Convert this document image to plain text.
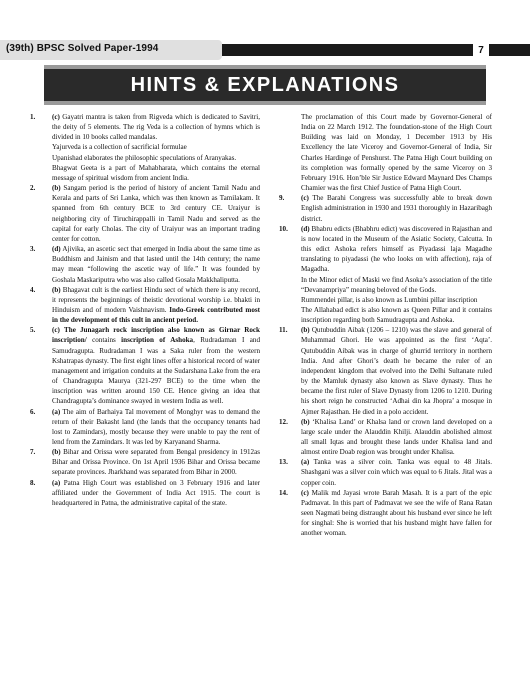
(39th) BPSC Solved Paper-1994	7
HINTS & EXPLANATIONS
1. (c) Gayatri mantra is taken from Rigveda which is dedicated to Savitri, the deity of 5 elements. The rig Veda is a collection of hymns which is divided in 10 books called mandalas.
Yajurveda is a collection of sacrificial formulae
Upanishad elaborates the philosophic speculations of Aranyakas.
Bhagwat Geeta is a part of Mahabharata, which contains the eternal message of spiritual wisdom from ancient India.
2. (b) Sangam period is the period of history of ancient Tamil Nadu and Kerala and parts of Sri Lanka, which was then known as Tamilakam. It spanned from 6th century BCE to 3rd century CE. Uraiyur is neighboring city of Tiruchirappalli in Tamil Nadu and served as the capital for early Cholas. The city of Uraiyur was an important trading center for cotton.
3. (d) Ajivika, an ascetic sect that emerged in India about the same time as Buddhism and Jainism and that lasted until the 14th century; the name may mean “following the ascetic way of life.” It was founded by Goshala Maskariputra who was also called Gosala Makkhaliputta.
4. (b) Bhagavat cult is the earliest Hindu sect of which there is any record, it represents the beginnings of theistic devotional worship i.e. bhakti in Hinduism and of modern Vaishnavism. Indo-Greek contributed most in the development of this cult in ancient period.
5. (c) The Junagarh rock inscription also known as Girnar Rock inscription/ contains inscription of Ashoka, Rudradaman I and Samudragupta. Rudradaman I was a Saka ruler from the western Kshatrapas dynasty. The first eight lines offer a historical record of water management and irrigation conduits at the Sudarshana Lake from the era of Chandragupta Maurya (321-297 BCE) to the time when the inscription was written around 150 CE. Hence giving an idea that Chandragupta’s dominance swayed in western India as well.
6. (a) The aim of Barhaiya Tal movement of Monghyr was to demand the return of their Bakasht land (the lands that the occupancy tenants had lost to Zamindars), mostly because they were unable to pay the rent of lend from the Zamindars. It was led by Karyanand Sharma.
7. (b) Bihar and Orissa were separated from Bengal presidency in 1912as Bihar and Orissa Province. On 1st April 1936 Bihar and Orissa became separate provinces. Jharkhand was separated from Bihar in 2000.
8. (a) Patna High Court was established on 3 February 1916 and later affiliated under the Government of India Act 1915. The court is headquartered in Patna, the administrative capital of the state.
The proclamation of this Court made by Governor-General of India on 22 March 1912. The foundation-stone of the High Court Building was laid on Monday, 1 December 1913 by His Excellency the late Viceroy and Governor-General of India, Sir Charles Hardinge of Penshurst. The Patna High Court building on its completion was formally opened by the same Viceroy on 3 February 1916. Hon’ble Sir Justice Edward Maynard Des Champs Chamier was the first Chief Justice of Patna High Court.
9. (c) The Barahi Congress was successfully able to break down English administration in 1930 and 1931 thoroughly in Hazaribagh district.
10. (d) Bhabru edicts (Bhabhru edict) was discovered in Rajasthan and is now located in the Museum of the Asiatic Society, Calcutta. In this edict Ashoka refers himself as Piyadassi laja Magadhe translating to piyadassi (he who looks on with affection), raja of Magadha.
In the Minor edict of Maski we find Asoka’s association of the title “Devanampriya” meaning beloved of the Gods.
Rummendei pillar, is also known as Lumbini pillar inscription
The Allahabad edict is also known as Queen Pillar and it contains inscription regarding both Samudragupta and Ashoka.
11. (b) Qutubuddin Aibak (1206 – 1210) was the slave and general of Muhammad Ghori. He was appointed as the first ‘Aqta’. Qutubuddin Aibak was in charge of ghurrid territory in northern India. And after Ghori’s death he became the ruler of an independent kingdom that evolved into the Delhi Sultanate ruled by the Mamluk dynasty also known as Slave dynasty. Thus he became the first ruler of Slave Dynasty from 1206 to 1210. During his short reign he constructed ‘Adhai din ka Jhopra’ a mosque in Ajmer Rajasthan. He died in a polo accident.
12. (b) ‘Khalisa Land’ or Khalsa land or crown land developed on a large scale under the Alauddin Khilji. Alauddin abolished almost all small Iqtas and brought these lands under Khalisa land and almost entire Doab region was brought under Khalisa.
13. (a) Tanka was a silver coin. Tanka was equal to 48 Jitals. Shashgani was a silver coin which was equal to 6 Jitals. Jital was a copper coin.
14. (c) Malik md Jayasi wrote Barah Masah. It is a part of the epic Padmavat. In this part of Padmavat we see the wife of Rana Ratan seen Nagmati being distraught about his husband ever since he left for singhal: She is worried that his husband might have fallen for another woman.
